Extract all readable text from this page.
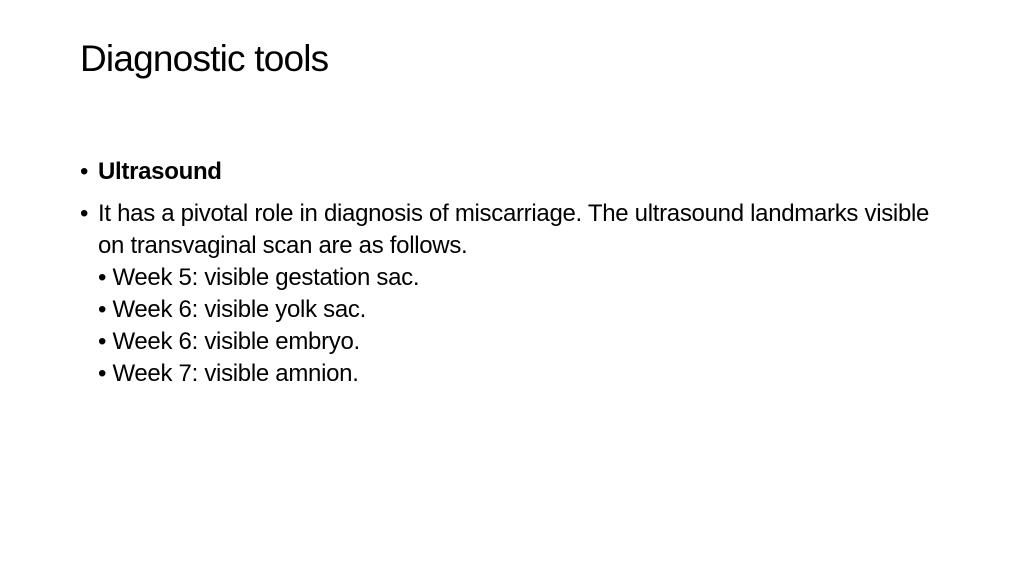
Diagnostic tools
• Ultrasound
• It has a pivotal role in diagnosis of miscarriage. The ultrasound landmarks visible on transvaginal scan are as follows.
• Week 5: visible gestation sac.
• Week 6: visible yolk sac.
• Week 6: visible embryo.
• Week 7: visible amnion.
